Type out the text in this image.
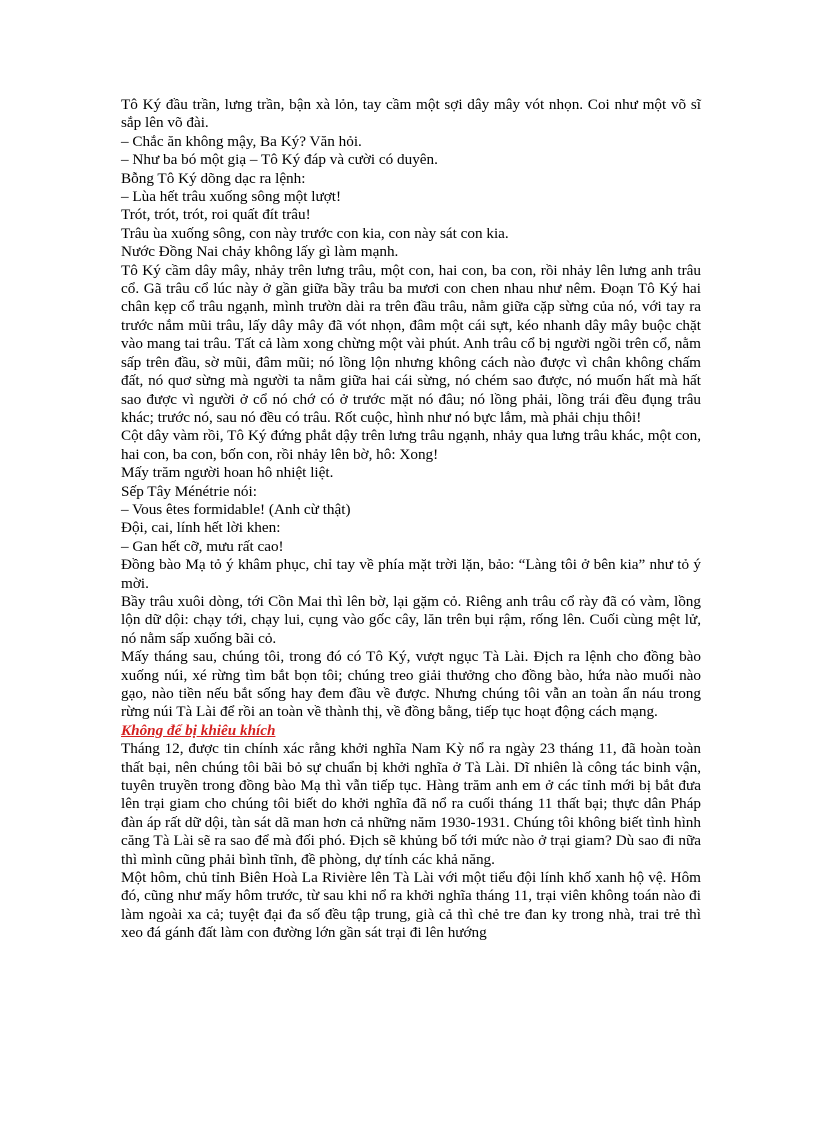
Tô Ký đầu trần, lưng trần, bận xà lỏn, tay cầm một sợi dây mây vót nhọn. Coi như một võ sĩ sắp lên võ đài.

– Chắc ăn không mậy, Ba Ký? Văn hỏi.

– Như ba bó một giạ – Tô Ký đáp và cười có duyên.

Bỗng Tô Ký dõng dạc ra lệnh:

– Lùa hết trâu xuống sông một lượt!

Trót, trót, trót, roi quất đít trâu!

Trâu ùa xuống sông, con này trước con kia, con này sát con kia.

Nước Đồng Nai chảy không lấy gì làm mạnh.

Tô Ký cầm dây mây, nhảy trên lưng trâu, một con, hai con, ba con, rồi nhảy lên lưng anh trâu cổ. Gã trâu cổ lúc này ở gần giữa bầy trâu ba mươi con chen nhau như nêm. Đoạn Tô Ký hai chân kẹp cổ trâu ngạnh, mình trườn dài ra trên đầu trâu, nằm giữa cặp sừng của nó, với tay ra trước nắm mũi trâu, lấy dây mây đã vót nhọn, đâm một cái sựt, kéo nhanh dây mây buộc chặt vào mang tai trâu. Tất cả làm xong chừng một vài phút. Anh trâu cổ bị người ngồi trên cổ, nằm sấp trên đầu, sờ mũi, đâm mũi; nó lồng lộn nhưng không cách nào được vì chân không chấm đất, nó quơ sừng mà người ta nằm giữa hai cái sừng, nó chém sao được, nó muốn hất mà hất sao được vì người ở cổ nó chớ có ở trước mặt nó đâu; nó lồng phải, lồng trái đều đụng trâu khác; trước nó, sau nó đều có trâu. Rốt cuộc, hình như nó bực lắm, mà phải chịu thôi!

Cột dây vàm rồi, Tô Ký đứng phắt dậy trên lưng trâu ngạnh, nhảy qua lưng trâu khác, một con, hai con, ba con, bốn con, rồi nhảy lên bờ, hô: Xong!

Mấy trăm người hoan hô nhiệt liệt.

Sếp Tây Ménétrie nói:

– Vous êtes formidable! (Anh cừ thật)

Đội, cai, lính hết lời khen:

– Gan hết cỡ, mưu rất cao!

Đồng bào Mạ tỏ ý khâm phục, chỉ tay về phía mặt trời lặn, bảo: “Làng tôi ở bên kia” như tỏ ý mời.

Bầy trâu xuôi dòng, tới Cồn Mai thì lên bờ, lại gặm cỏ. Riêng anh trâu cổ rày đã có vàm, lồng lộn dữ dội: chạy tới, chạy lui, cụng vào gốc cây, lăn trên bụi rậm, rống lên. Cuối cùng mệt lử, nó nằm sấp xuống bãi cỏ.

Mấy tháng sau, chúng tôi, trong đó có Tô Ký, vượt ngục Tà Lài. Địch ra lệnh cho đồng bào xuống núi, xé rừng tìm bắt bọn tôi; chúng treo giải thưởng cho đồng bào, hứa nào muối nào gạo, nào tiền nếu bắt sống hay đem đầu về được. Nhưng chúng tôi vẫn an toàn ẩn náu trong rừng núi Tà Lài để rồi an toàn về thành thị, về đồng bằng, tiếp tục hoạt động cách mạng.

Không để bị khiêu khích

Tháng 12, được tin chính xác rằng khởi nghĩa Nam Kỳ nổ ra ngày 23 tháng 11, đã hoàn toàn thất bại, nên chúng tôi bãi bỏ sự chuẩn bị khởi nghĩa ở Tà Lài. Dĩ nhiên là công tác binh vận, tuyên truyền trong đồng bào Mạ thì vẫn tiếp tục. Hàng trăm anh em ở các tỉnh mới bị bắt đưa lên trại giam cho chúng tôi biết do khởi nghĩa đã nổ ra cuối tháng 11 thất bại; thực dân Pháp đàn áp rất dữ dội, tàn sát dã man hơn cả những năm 1930-1931. Chúng tôi không biết tình hình căng Tà Lài sẽ ra sao để mà đối phó. Địch sẽ khủng bố tới mức nào ở trại giam? Dù sao đi nữa thì mình cũng phải bình tĩnh, đề phòng, dự tính các khả năng.

Một hôm, chủ tỉnh Biên Hoà La Rivière lên Tà Lài với một tiểu đội lính khố xanh hộ vệ. Hôm đó, cũng như mấy hôm trước, từ sau khi nổ ra khởi nghĩa tháng 11, trại viên không toán nào đi làm ngoài xa cả; tuyệt đại đa số đều tập trung, già cả thì chẻ tre đan ky trong nhà, trai trẻ thì xeo đá gánh đất làm con đường lớn gần sát trại đi lên hướng
